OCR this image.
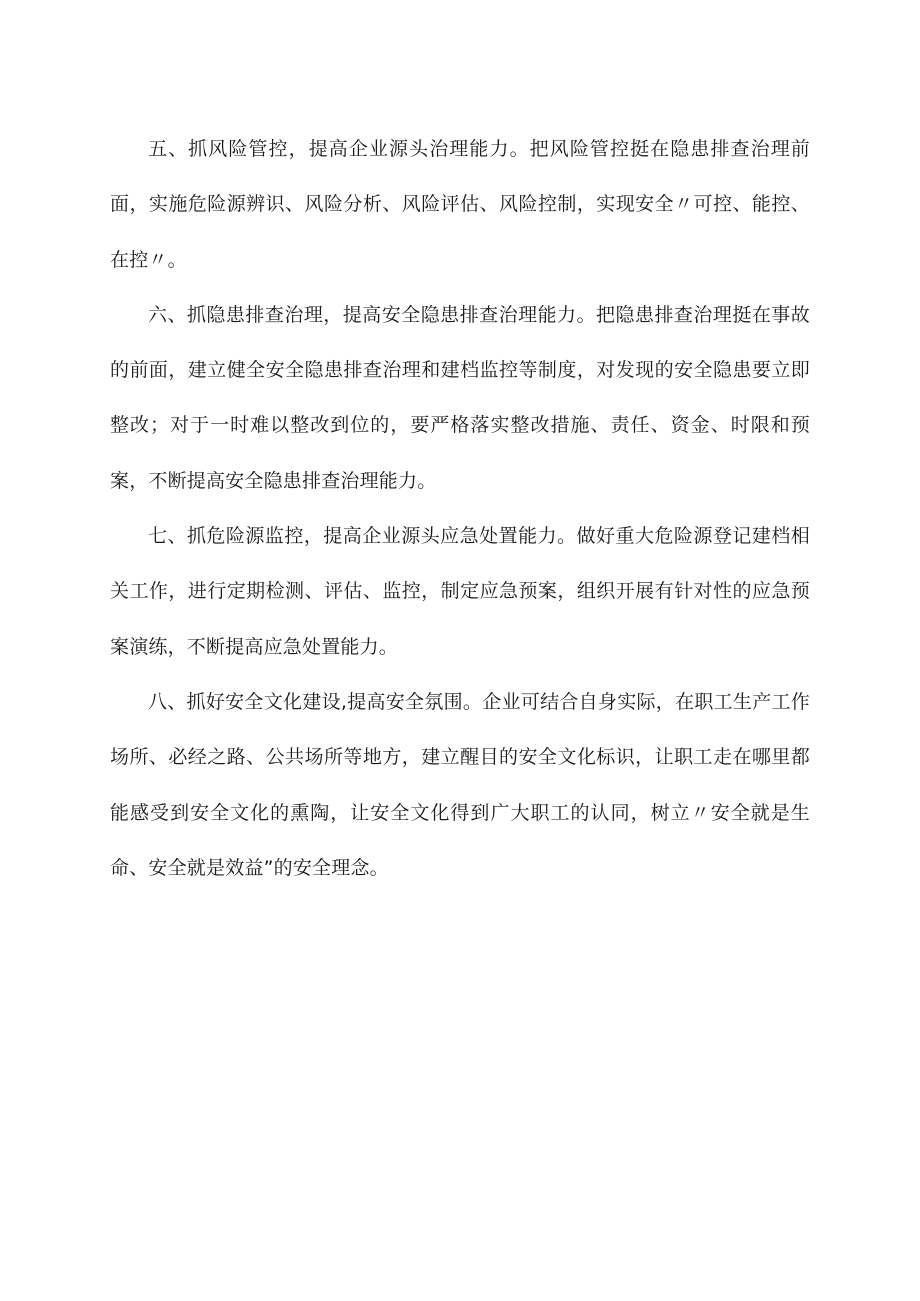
五、抓风险管控，提高企业源头治理能力。把风险管控挺在隐患排查治理前面，实施危险源辨识、风险分析、风险评估、风险控制，实现安全〃可控、能控、在控〃。

六、抓隐患排查治理，提高安全隐患排查治理能力。把隐患排查治理挺在事故的前面，建立健全安全隐患排查治理和建档监控等制度，对发现的安全隐患要立即整改；对于一时难以整改到位的，要严格落实整改措施、责任、资金、时限和预案，不断提高安全隐患排查治理能力。

七、抓危险源监控，提高企业源头应急处置能力。做好重大危险源登记建档相关工作，进行定期检测、评估、监控，制定应急预案，组织开展有针对性的应急预案演练，不断提高应急处置能力。

八、抓好安全文化建设,提高安全氛围。企业可结合自身实际，在职工生产工作场所、必经之路、公共场所等地方，建立醒目的安全文化标识，让职工走在哪里都能感受到安全文化的熏陶，让安全文化得到广大职工的认同，树立〃安全就是生命、安全就是效益”的安全理念。
